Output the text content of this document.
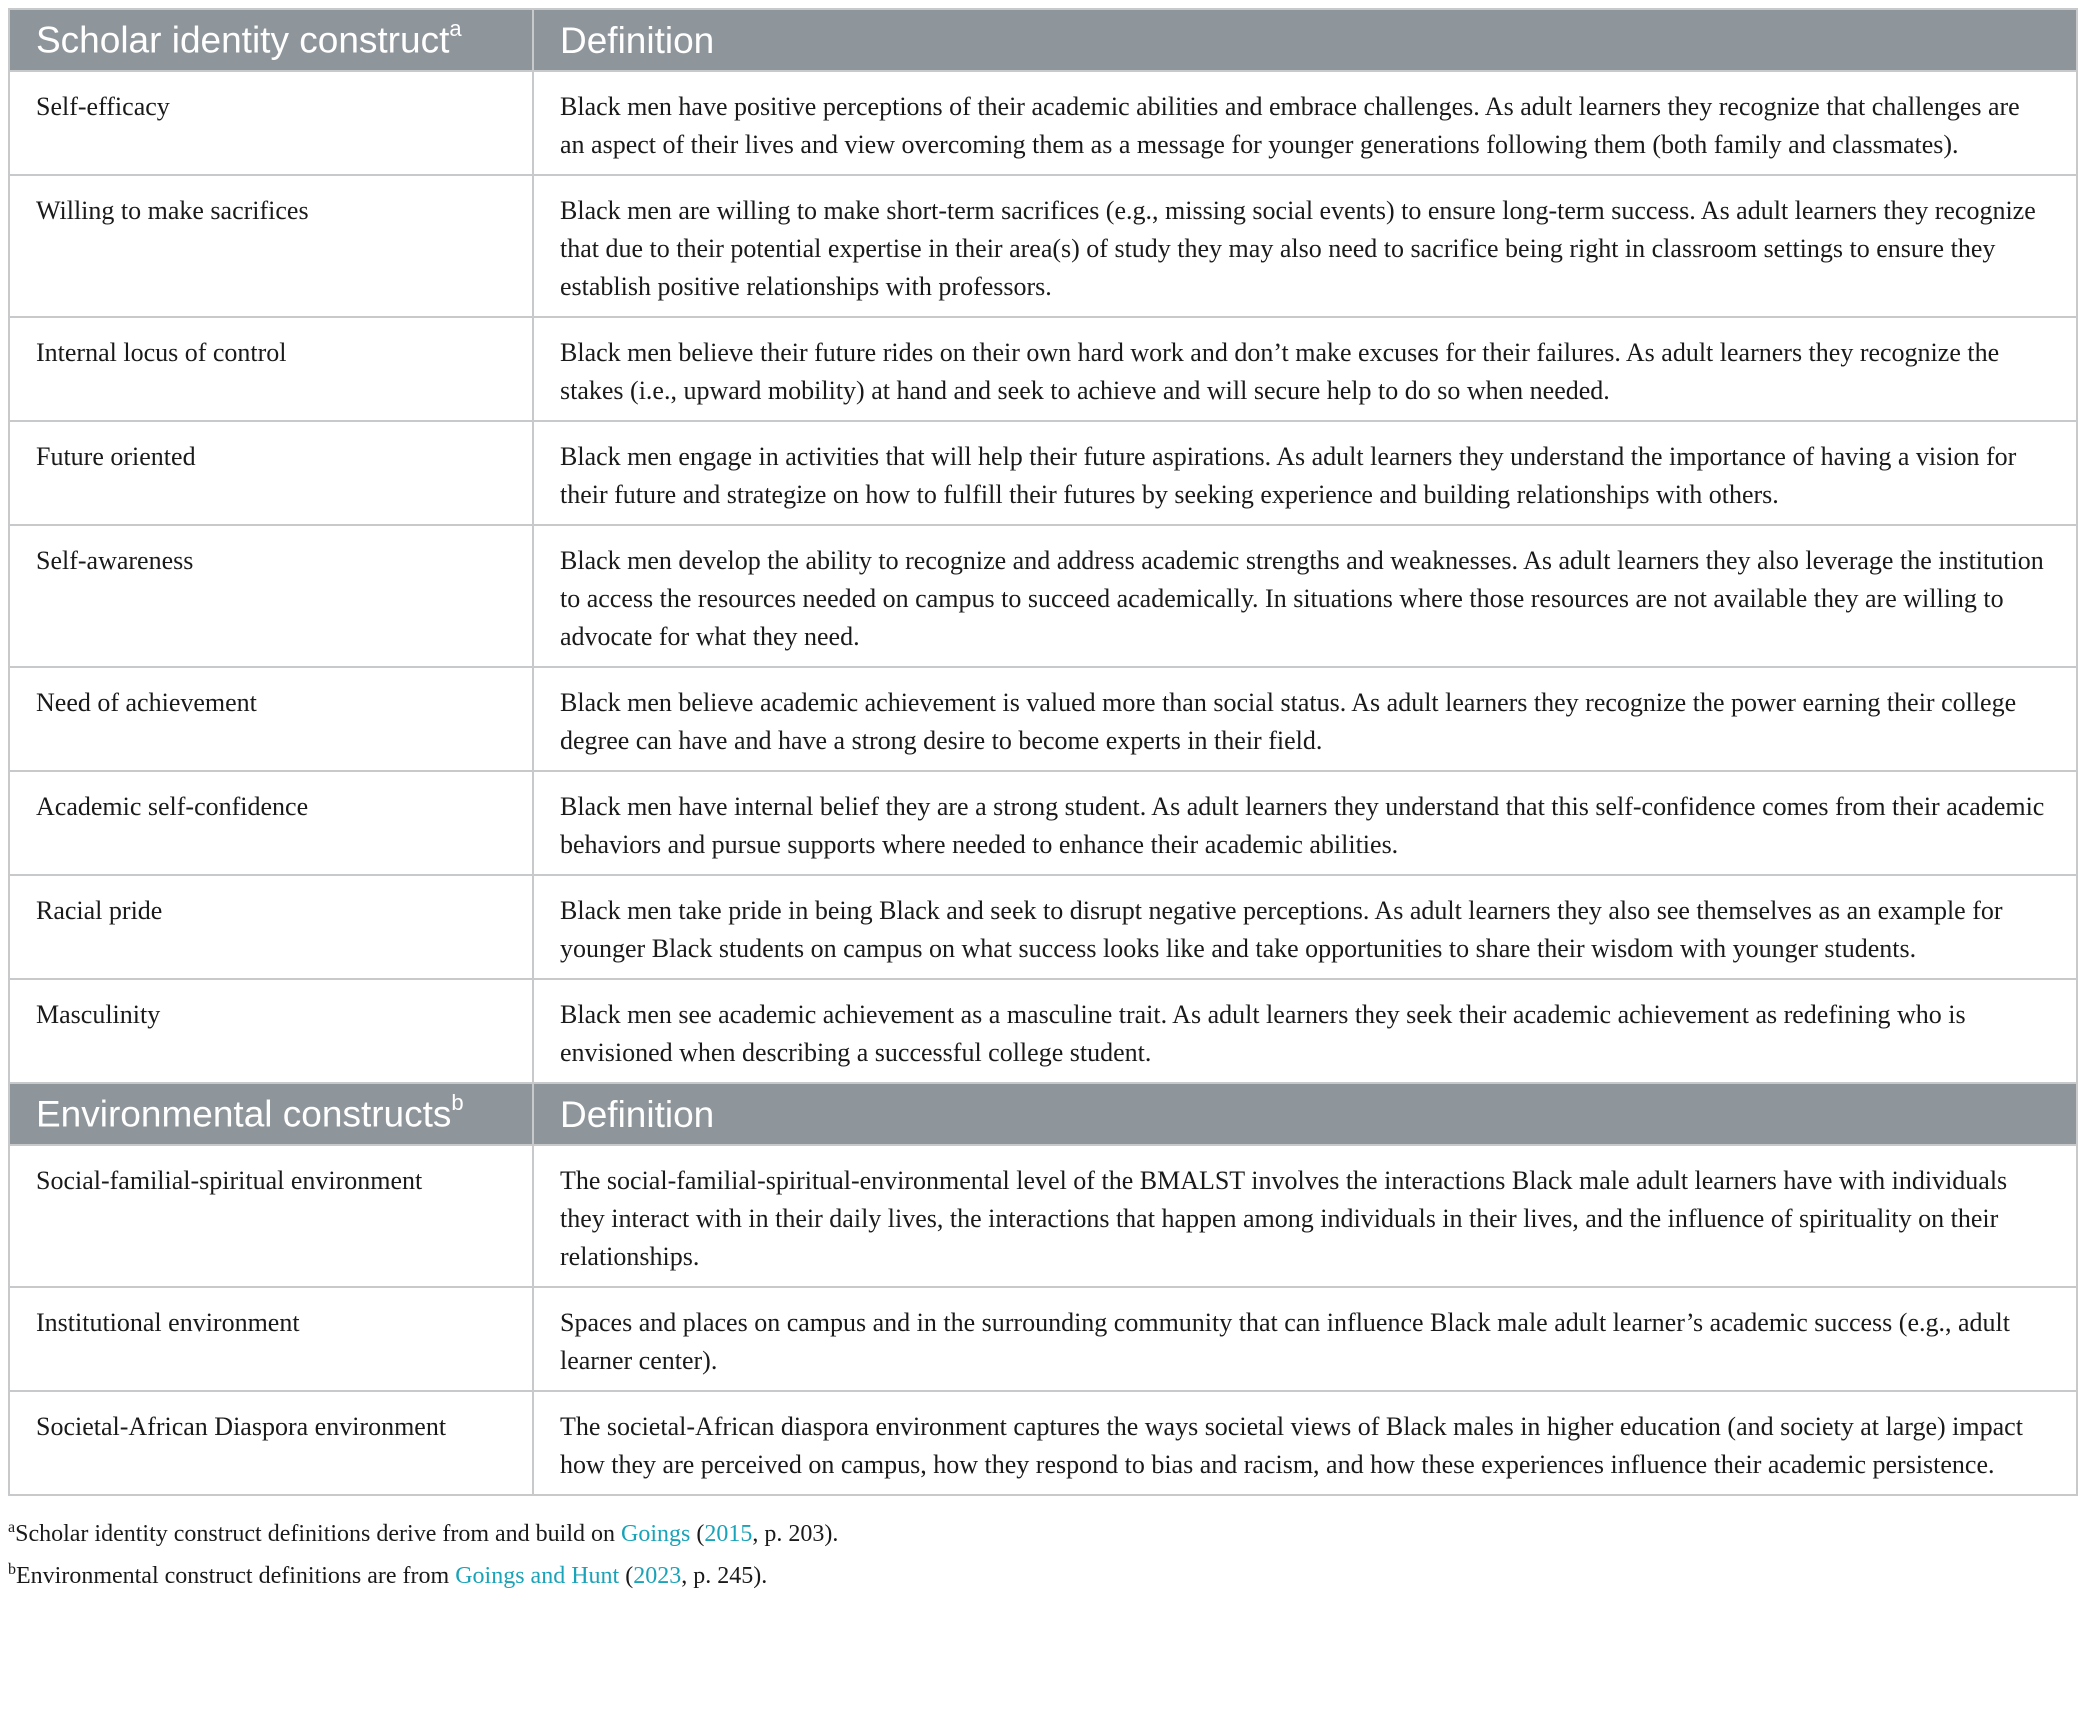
Scholar identity construct$^a$	Definition
Self-efficacy	Black men have positive perceptions of their academic abilities and embrace challenges. As adult learners they recognize that challenges are an aspect of their lives and view overcoming them as a message for younger generations following them (both family and classmates).
Willing to make sacrifices	Black men are willing to make short-term sacrifices (e.g., missing social events) to ensure long-term success. As adult learners they recognize that due to their potential expertise in their area(s) of study they may also need to sacrifice being right in classroom settings to ensure they establish positive relationships with professors.
Internal locus of control	Black men believe their future rides on their own hard work and don’t make excuses for their failures. As adult learners they recognize the stakes (i.e., upward mobility) at hand and seek to achieve and will secure help to do so when needed.
Future oriented	Black men engage in activities that will help their future aspirations. As adult learners they understand the importance of having a vision for their future and strategize on how to fulfill their futures by seeking experience and building relationships with others.
Self-awareness	Black men develop the ability to recognize and address academic strengths and weaknesses. As adult learners they also leverage the institution to access the resources needed on campus to succeed academically. In situations where those resources are not available they are willing to advocate for what they need.
Need of achievement	Black men believe academic achievement is valued more than social status. As adult learners they recognize the power earning their college degree can have and have a strong desire to become experts in their field.
Academic self-confidence	Black men have internal belief they are a strong student. As adult learners they understand that this self-confidence comes from their academic behaviors and pursue supports where needed to enhance their academic abilities.
Racial pride	Black men take pride in being Black and seek to disrupt negative perceptions. As adult learners they also see themselves as an example for younger Black students on campus on what success looks like and take opportunities to share their wisdom with younger students.
Masculinity	Black men see academic achievement as a masculine trait. As adult learners they seek their academic achievement as redefining who is envisioned when describing a successful college student.
Environmental constructs$^b$	Definition
Social-familial-spiritual environment	The social-familial-spiritual-environmental level of the BMALST involves the interactions Black male adult learners have with individuals they interact with in their daily lives, the interactions that happen among individuals in their lives, and the influence of spirituality on their relationships.
Institutional environment	Spaces and places on campus and in the surrounding community that can influence Black male adult learner’s academic success (e.g., adult learner center).
Societal-African Diaspora environment	The societal-African diaspora environment captures the ways societal views of Black males in higher education (and society at large) impact how they are perceived on campus, how they respond to bias and racism, and how these experiences influence their academic persistence.
$^a$Scholar identity construct definitions derive from and build on Goings (2015, p. 203).
$^b$Environmental construct definitions are from Goings and Hunt (2023, p. 245).
